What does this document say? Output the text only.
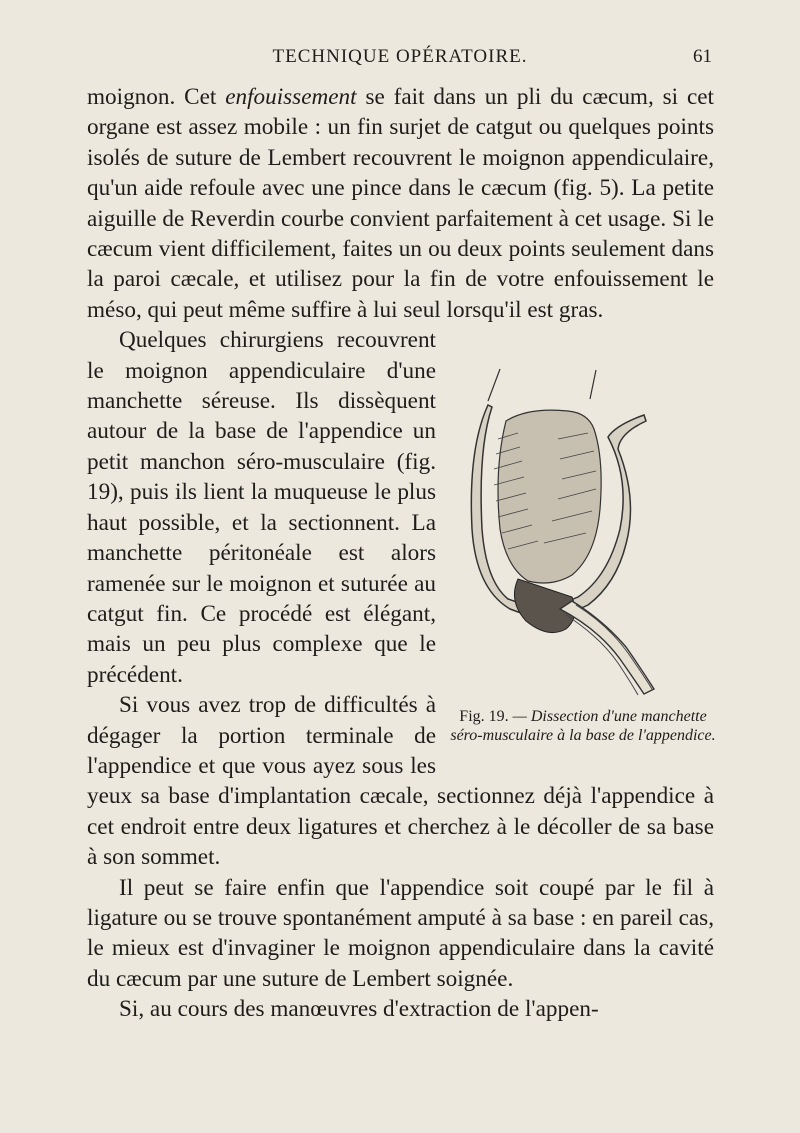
TECHNIQUE OPÉRATOIRE.	61

moignon. Cet enfouissement se fait dans un pli du cæcum, si cet organe est assez mobile : un fin surjet de catgut ou quelques points isolés de suture de Lembert recouvrent le moignon appendiculaire, qu'un aide refoule avec une pince dans le cæcum (fig. 5). La petite aiguille de Reverdin courbe convient parfaitement à cet usage. Si le cæcum vient difficilement, faites un ou deux points seulement dans la paroi cæcale, et utilisez pour la fin de votre enfouissement le méso, qui peut même suffire à lui seul lorsqu'il est gras.

Fig. 19. — Dissection d'une manchette séro-musculaire à la base de l'appendice.

Quelques chirurgiens recouvrent le moignon appendiculaire d'une manchette séreuse. Ils dissèquent autour de la base de l'appendice un petit manchon séro-musculaire (fig. 19), puis ils lient la muqueuse le plus haut possible, et la sectionnent. La manchette péritonéale est alors ramenée sur le moignon et suturée au catgut fin. Ce procédé est élégant, mais un peu plus complexe que le précédent.

Si vous avez trop de difficultés à dégager la portion terminale de l'appendice et que vous ayez sous les yeux sa base d'implantation cæcale, sectionnez déjà l'appendice à cet endroit entre deux ligatures et cherchez à le décoller de sa base à son sommet.

Il peut se faire enfin que l'appendice soit coupé par le fil à ligature ou se trouve spontanément amputé à sa base : en pareil cas, le mieux est d'invaginer le moignon appendiculaire dans la cavité du cæcum par une suture de Lembert soignée.

Si, au cours des manœuvres d'extraction de l'appen-
